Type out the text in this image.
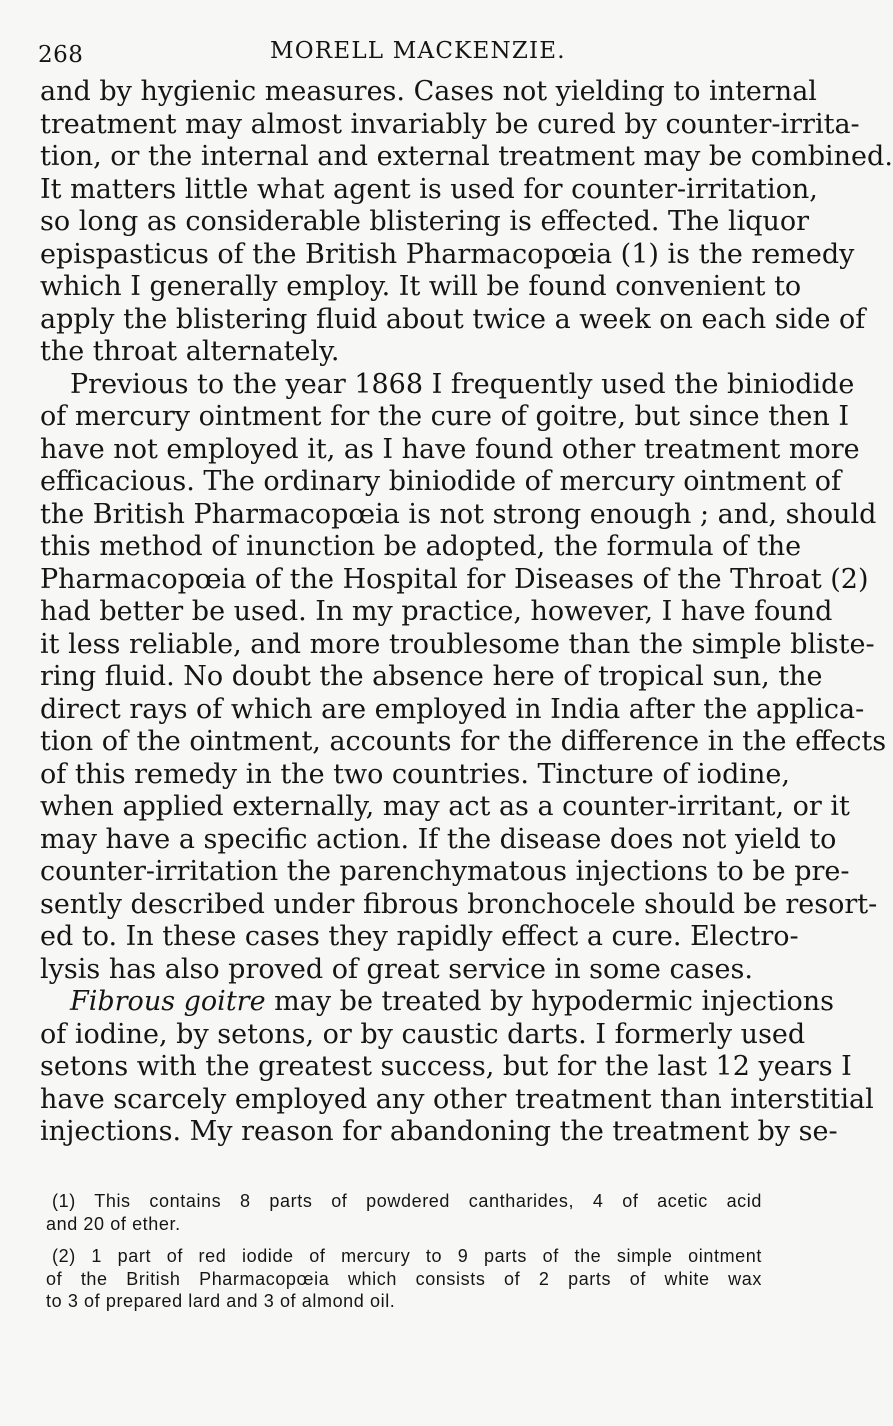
268	MORELL MACKENZIE.
and by hygienic measures. Cases not yielding to internal
treatment may almost invariably be cured by counter-irrita-
tion, or the internal and external treatment may be combined.
It matters little what agent is used for counter-irritation,
so long as considerable blistering is effected. The liquor
epispasticus of the British Pharmacopœia (1) is the remedy
which I generally employ. It will be found convenient to
apply the blistering fluid about twice a week on each side of
the throat alternately.
Previous to the year 1868 I frequently used the biniodide
of mercury ointment for the cure of goitre, but since then I
have not employed it, as I have found other treatment more
efficacious. The ordinary biniodide of mercury ointment of
the British Pharmacopœia is not strong enough ; and, should
this method of inunction be adopted, the formula of the
Pharmacopœia of the Hospital for Diseases of the Throat (2)
had better be used. In my practice, however, I have found
it less reliable, and more troublesome than the simple bliste-
ring fluid. No doubt the absence here of tropical sun, the
direct rays of which are employed in India after the applica-
tion of the ointment, accounts for the difference in the effects
of this remedy in the two countries. Tincture of iodine,
when applied externally, may act as a counter-irritant, or it
may have a specific action. If the disease does not yield to
counter-irritation the parenchymatous injections to be pre-
sently described under fibrous bronchocele should be resort-
ed to. In these cases they rapidly effect a cure. Electro-
lysis has also proved of great service in some cases.
Fibrous goitre may be treated by hypodermic injections
of iodine, by setons, or by caustic darts. I formerly used
setons with the greatest success, but for the last 12 years I
have scarcely employed any other treatment than interstitial
injections. My reason for abandoning the treatment by se-
(1) This contains 8 parts of powdered cantharides, 4 of acetic acid
and 20 of ether.
(2) 1 part of red iodide of mercury to 9 parts of the simple ointment
of the British Pharmacopœia which consists of 2 parts of white wax
to 3 of prepared lard and 3 of almond oil.
